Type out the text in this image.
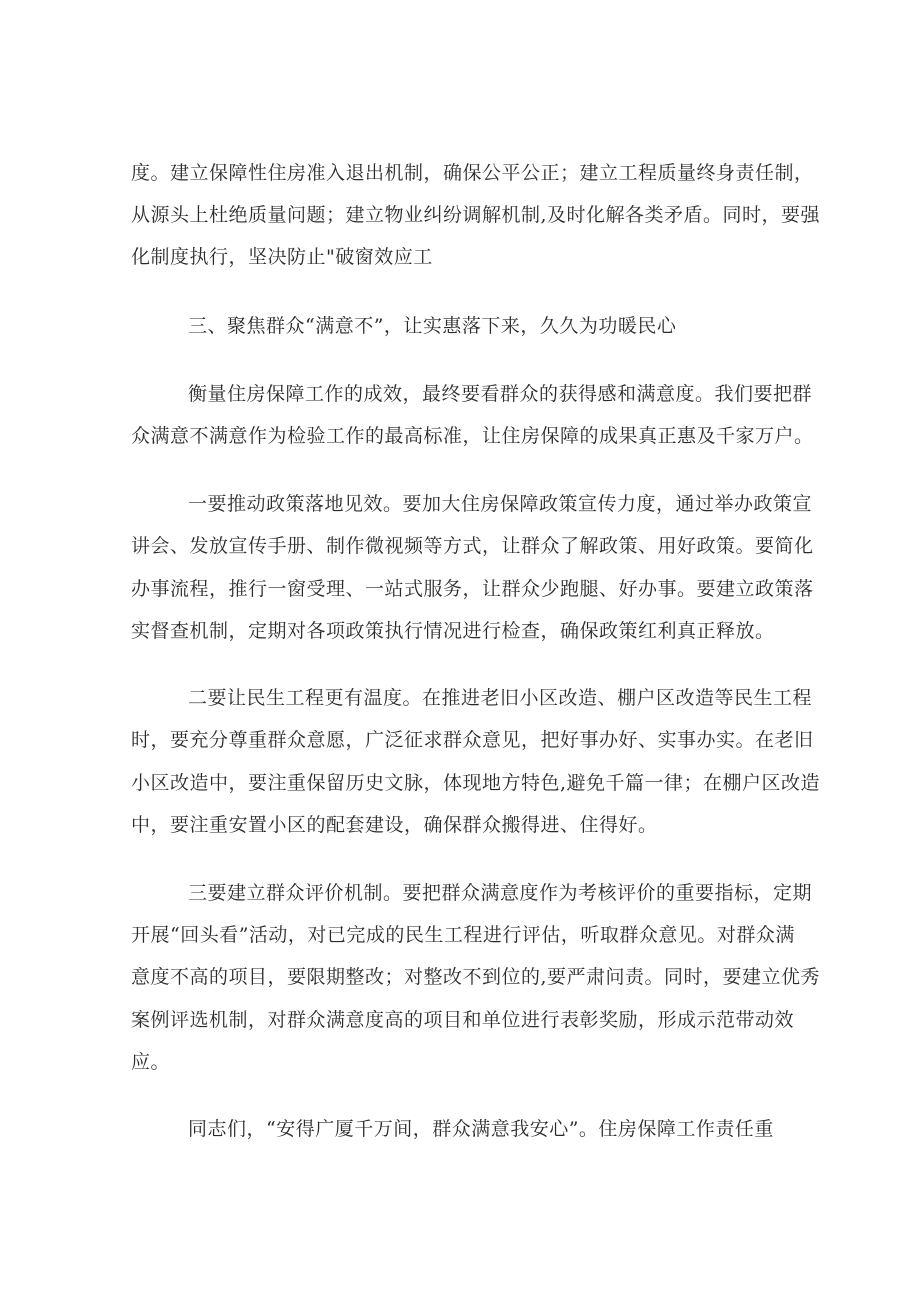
度。建立保障性住房准入退出机制，确保公平公正；建立工程质量终身责任制，
从源头上杜绝质量问题；建立物业纠纷调解机制,及时化解各类矛盾。同时，要强
化制度执行，坚决防止"破窗效应工
三、聚焦群众“满意不”，让实惠落下来，久久为功暖民心
衡量住房保障工作的成效，最终要看群众的获得感和满意度。我们要把群
众满意不满意作为检验工作的最高标准，让住房保障的成果真正惠及千家万户。
一要推动政策落地见效。要加大住房保障政策宣传力度，通过举办政策宣
讲会、发放宣传手册、制作微视频等方式，让群众了解政策、用好政策。要简化
办事流程，推行一窗受理、一站式服务，让群众少跑腿、好办事。要建立政策落
实督查机制，定期对各项政策执行情况进行检查，确保政策红利真正释放。
二要让民生工程更有温度。在推进老旧小区改造、棚户区改造等民生工程
时，要充分尊重群众意愿，广泛征求群众意见，把好事办好、实事办实。在老旧
小区改造中，要注重保留历史文脉，体现地方特色,避免千篇一律；在棚户区改造
中，要注重安置小区的配套建设，确保群众搬得进、住得好。
三要建立群众评价机制。要把群众满意度作为考核评价的重要指标，定期
开展“回头看”活动，对已完成的民生工程进行评估，听取群众意见。对群众满
意度不高的项目，要限期整改；对整改不到位的,要严肃问责。同时，要建立优秀
案例评选机制，对群众满意度高的项目和单位进行表彰奖励，形成示范带动效
应。
同志们，“安得广厦千万间，群众满意我安心”。住房保障工作责任重
